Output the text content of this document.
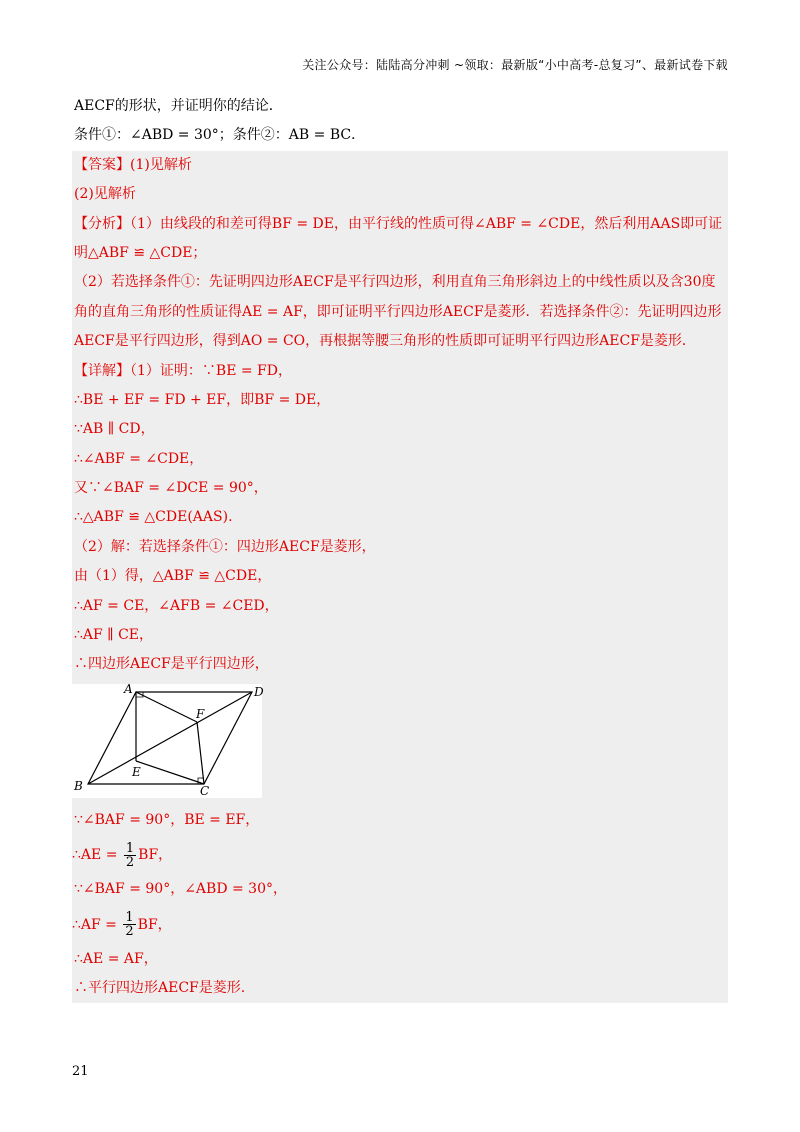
关注公众号：陆陆高分冲刺 ~领取：最新版“小中高考-总复习”、最新试卷下载
AECF的形状，并证明你的结论．
条件①：∠ABD = 30°；条件②：AB = BC．
【答案】(1)见解析
(2)见解析
【分析】（1）由线段的和差可得BF = DE，由平行线的性质可得∠ABF = ∠CDE，然后利用AAS即可证
明△ABF ≌ △CDE；
（2）若选择条件①：先证明四边形AECF是平行四边形，利用直角三角形斜边上的中线性质以及含30度
角的直角三角形的性质证得AE = AF，即可证明平行四边形AECF是菱形．若选择条件②：先证明四边形
AECF是平行四边形，得到AO = CO，再根据等腰三角形的性质即可证明平行四边形AECF是菱形．
【详解】（1）证明：∵BE = FD，
∴BE + EF = FD + EF，即BF = DE，
∵AB ∥ CD，
∴∠ABF = ∠CDE，
又∵∠BAF = ∠DCE = 90°，
∴△ABF ≌ △CDE(AAS).
（2）解：若选择条件①：四边形AECF是菱形，
由（1）得，△ABF ≌ △CDE，
∴AF = CE，∠AFB = ∠CED，
∴AF ∥ CE，
∴四边形AECF是平行四边形，
A	D
F
E
B	C
∵∠BAF = 90°，BE = EF，
∴AE = $\frac{1}{2}$ BF，
∵∠BAF = 90°，∠ABD = 30°，
∴AF = $\frac{1}{2}$ BF，
∴AE = AF，
∴平行四边形AECF是菱形.
21
